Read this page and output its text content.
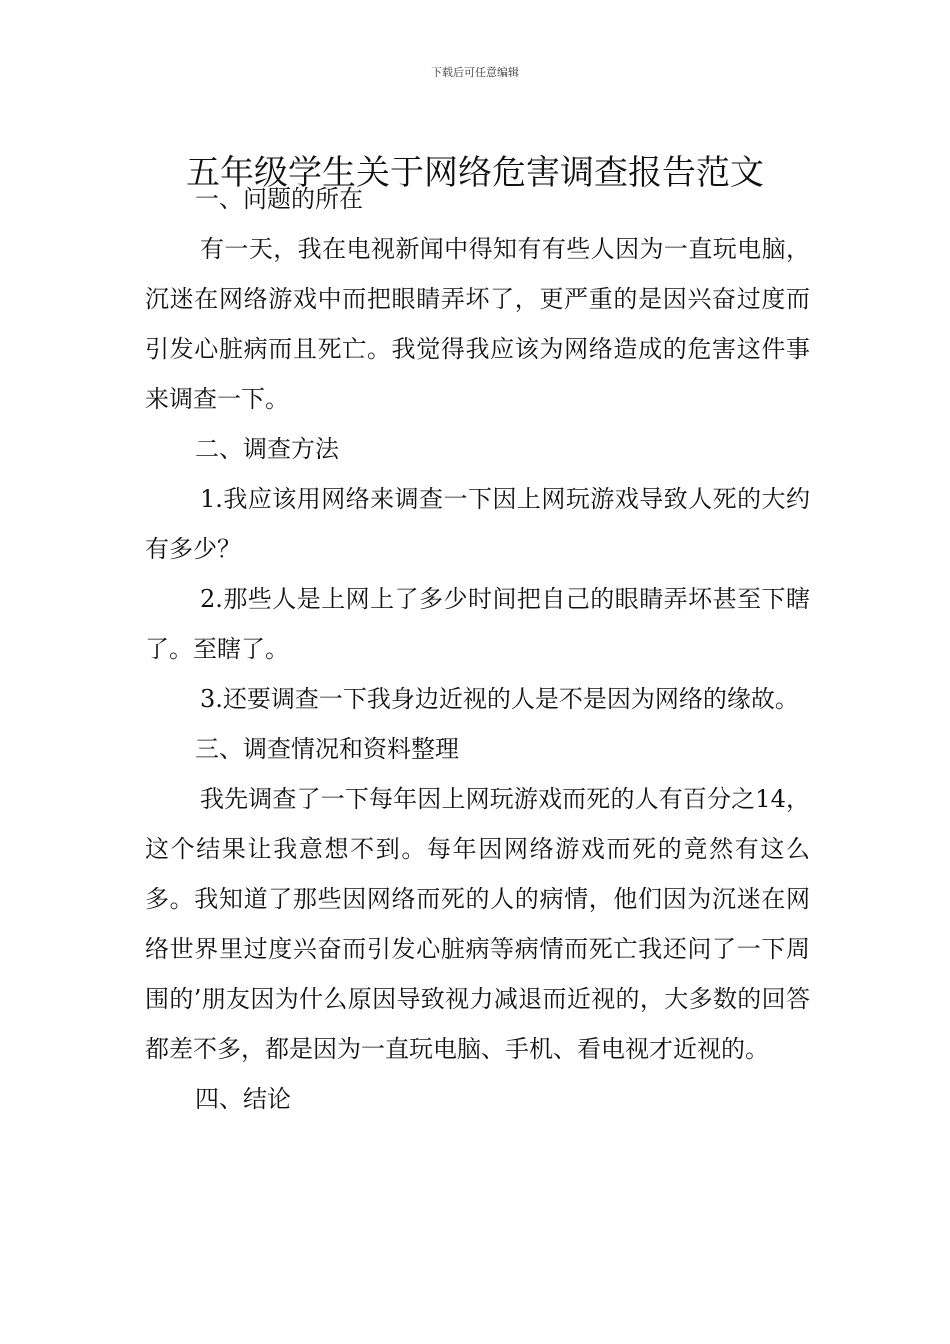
下载后可任意编辑
五年级学生关于网络危害调查报告范文

一、问题的所在

有一天，我在电视新闻中得知有有些人因为一直玩电脑，沉迷在网络游戏中而把眼睛弄坏了，更严重的是因兴奋过度而引发心脏病而且死亡。我觉得我应该为网络造成的危害这件事来调查一下。

二、调查方法

1.我应该用网络来调查一下因上网玩游戏导致人死的大约有多少？

2.那些人是上网上了多少时间把自己的眼睛弄坏甚至下瞎了。至瞎了。

3.还要调查一下我身边近视的人是不是因为网络的缘故。

三、调查情况和资料整理

我先调查了一下每年因上网玩游戏而死的人有百分之14，这个结果让我意想不到。每年因网络游戏而死的竟然有这么多。我知道了那些因网络而死的人的病情，他们因为沉迷在网络世界里过度兴奋而引发心脏病等病情而死亡我还问了一下周围的’朋友因为什么原因导致视力减退而近视的，大多数的回答都差不多，都是因为一直玩电脑、手机、看电视才近视的。

四、结论
